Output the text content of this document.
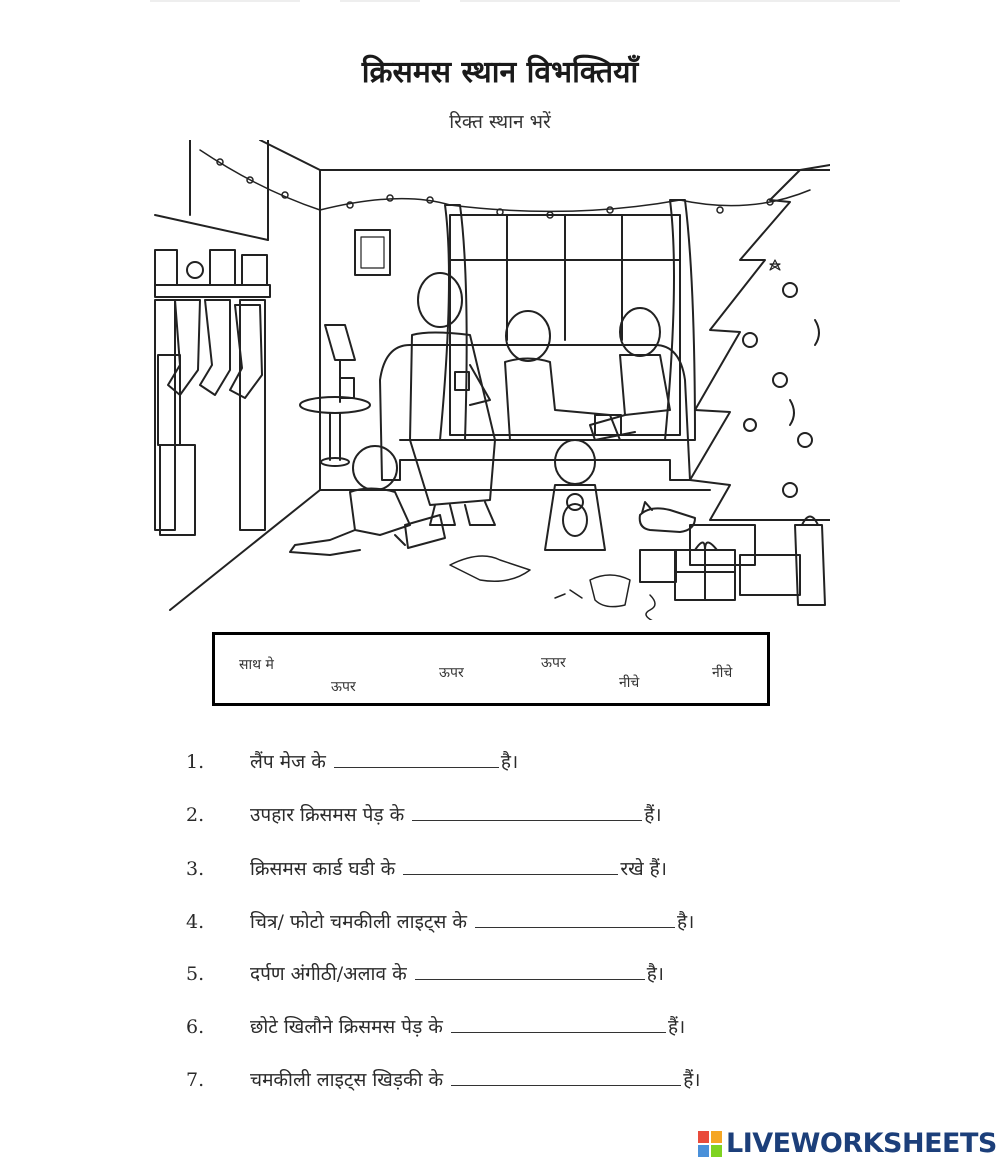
क्रिसमस स्थान विभक्तियाँ
रिक्त स्थान भरें
साथ मे
ऊपर
ऊपर
ऊपर
नीचे
नीचे
1. लैंप मेज के	है।
2. उपहार क्रिसमस पेड़ के	हैं।
3. क्रिसमस कार्ड घडी के	रखे हैं।
4. चित्र/ फोटो चमकीली लाइट्स के	है।
5. दर्पण अंगीठी/अलाव के	है।
6. छोटे खिलौने क्रिसमस पेड़ के	हैं।
7. चमकीली लाइट्स खिड़की के	हैं।
LIVEWORKSHEETS
